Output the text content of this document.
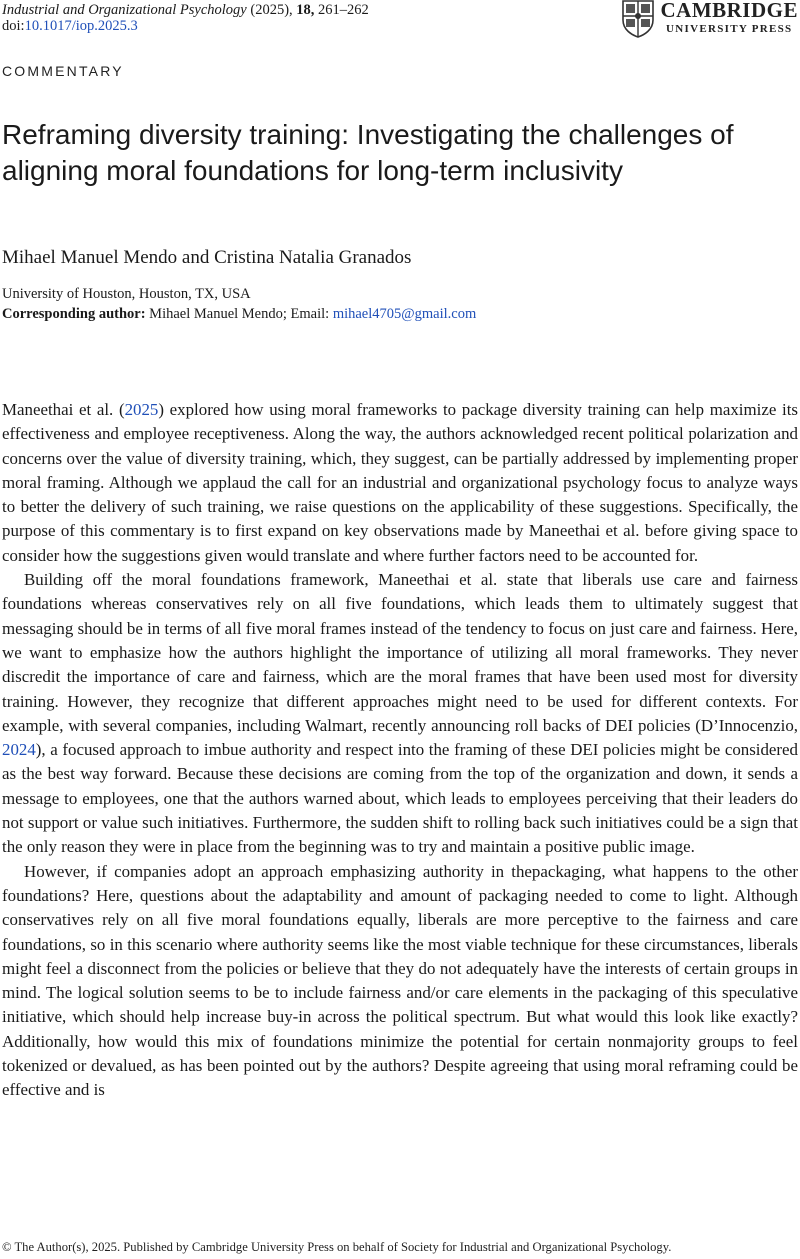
Industrial and Organizational Psychology (2025), 18, 261–262
doi:10.1017/iop.2025.3
CAMBRIDGE
UNIVERSITY PRESS
COMMENTARY
Reframing diversity training: Investigating the challenges of aligning moral foundations for long-term inclusivity
Mihael Manuel Mendo and Cristina Natalia Granados
University of Houston, Houston, TX, USA
Corresponding author: Mihael Manuel Mendo; Email: mihael4705@gmail.com

Maneethai et al. (2025) explored how using moral frameworks to package diversity training can help maximize its effectiveness and employee receptiveness. Along the way, the authors acknowledged recent political polarization and concerns over the value of diversity training, which, they suggest, can be partially addressed by implementing proper moral framing. Although we applaud the call for an industrial and organizational psychology focus to analyze ways to better the delivery of such training, we raise questions on the applicability of these suggestions. Specifically, the purpose of this commentary is to first expand on key observations made by Maneethai et al. before giving space to consider how the suggestions given would translate and where further factors need to be accounted for.

Building off the moral foundations framework, Maneethai et al. state that liberals use care and fairness foundations whereas conservatives rely on all five foundations, which leads them to ultimately suggest that messaging should be in terms of all five moral frames instead of the tendency to focus on just care and fairness. Here, we want to emphasize how the authors highlight the importance of utilizing all moral frameworks. They never discredit the importance of care and fairness, which are the moral frames that have been used most for diversity training. However, they recognize that different approaches might need to be used for different contexts. For example, with several companies, including Walmart, recently announcing roll backs of DEI policies (D’Innocenzio, 2024), a focused approach to imbue authority and respect into the framing of these DEI policies might be considered as the best way forward. Because these decisions are coming from the top of the organization and down, it sends a message to employees, one that the authors warned about, which leads to employees perceiving that their leaders do not support or value such initiatives. Furthermore, the sudden shift to rolling back such initiatives could be a sign that the only reason they were in place from the beginning was to try and maintain a positive public image.

However, if companies adopt an approach emphasizing authority in thepackaging, what happens to the other foundations? Here, questions about the adaptability and amount of packaging needed to come to light. Although conservatives rely on all five moral foundations equally, liberals are more perceptive to the fairness and care foundations, so in this scenario where authority seems like the most viable technique for these circumstances, liberals might feel a disconnect from the policies or believe that they do not adequately have the interests of certain groups in mind. The logical solution seems to be to include fairness and/or care elements in the packaging of this speculative initiative, which should help increase buy-in across the political spectrum. But what would this look like exactly? Additionally, how would this mix of foundations minimize the potential for certain nonmajority groups to feel tokenized or devalued, as has been pointed out by the authors? Despite agreeing that using moral reframing could be effective and is

© The Author(s), 2025. Published by Cambridge University Press on behalf of Society for Industrial and Organizational Psychology.
